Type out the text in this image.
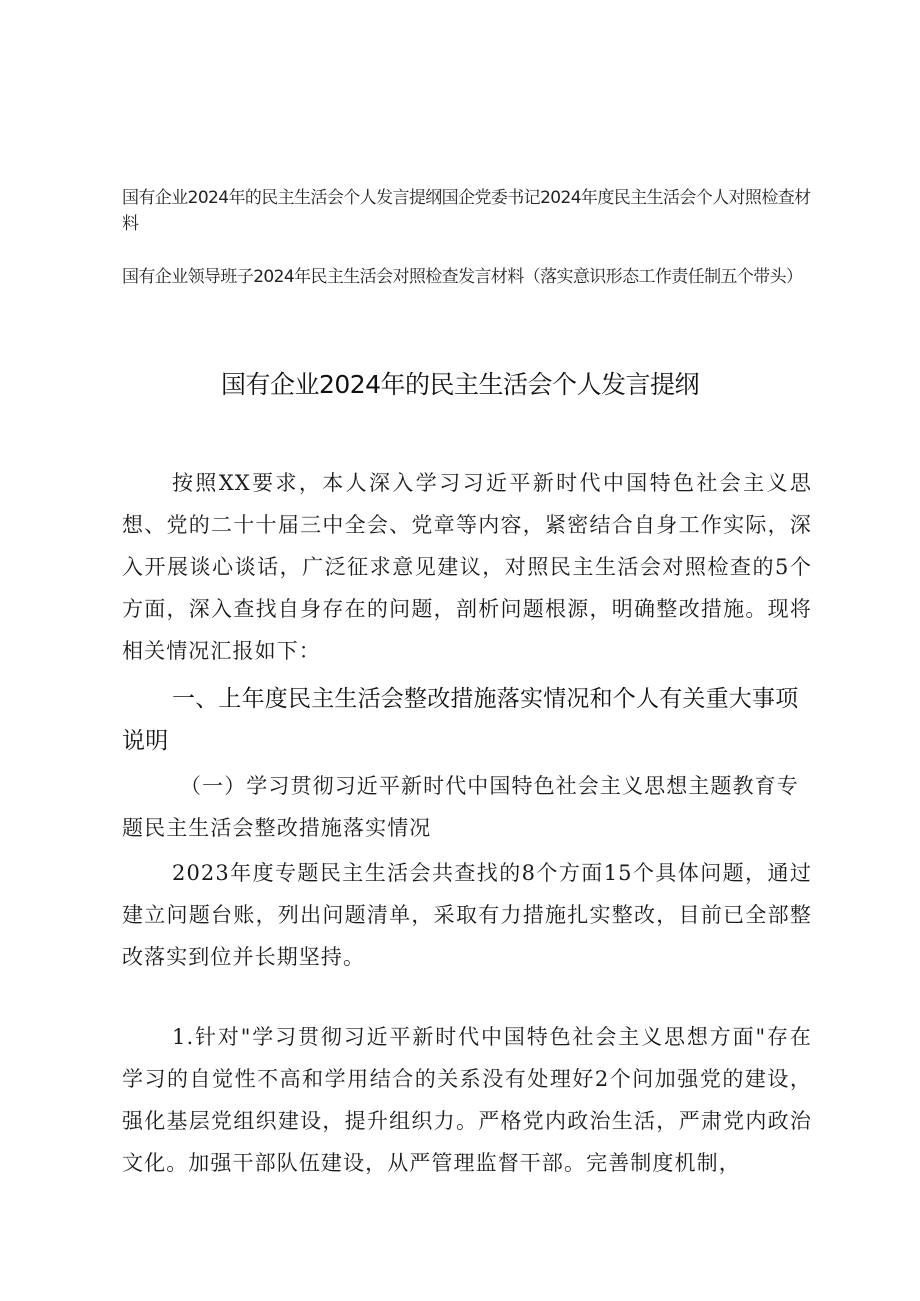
国有企业2024年的民主生活会个人发言提纲国企党委书记2024年度民主生活会个人对照检查材料
国有企业领导班子2024年民主生活会对照检查发言材料（落实意识形态工作责任制五个带头）
国有企业2024年的民主生活会个人发言提纲

按照XX要求，本人深入学习习近平新时代中国特色社会主义思想、党的二十十届三中全会、党章等内容，紧密结合自身工作实际，深入开展谈心谈话，广泛征求意见建议，对照民主生活会对照检查的5个方面，深入查找自身存在的问题，剖析问题根源，明确整改措施。现将相关情况汇报如下：

一、上年度民主生活会整改措施落实情况和个人有关重大事项说明

（一）学习贯彻习近平新时代中国特色社会主义思想主题教育专题民主生活会整改措施落实情况

2023年度专题民主生活会共查找的8个方面15个具体问题，通过建立问题台账，列出问题清单，采取有力措施扎实整改，目前已全部整改落实到位并长期坚持。

1.针对"学习贯彻习近平新时代中国特色社会主义思想方面"存在学习的自觉性不高和学用结合的关系没有处理好2个问加强党的建设，强化基层党组织建设，提升组织力。严格党内政治生活，严肃党内政治文化。加强干部队伍建设，从严管理监督干部。完善制度机制，
